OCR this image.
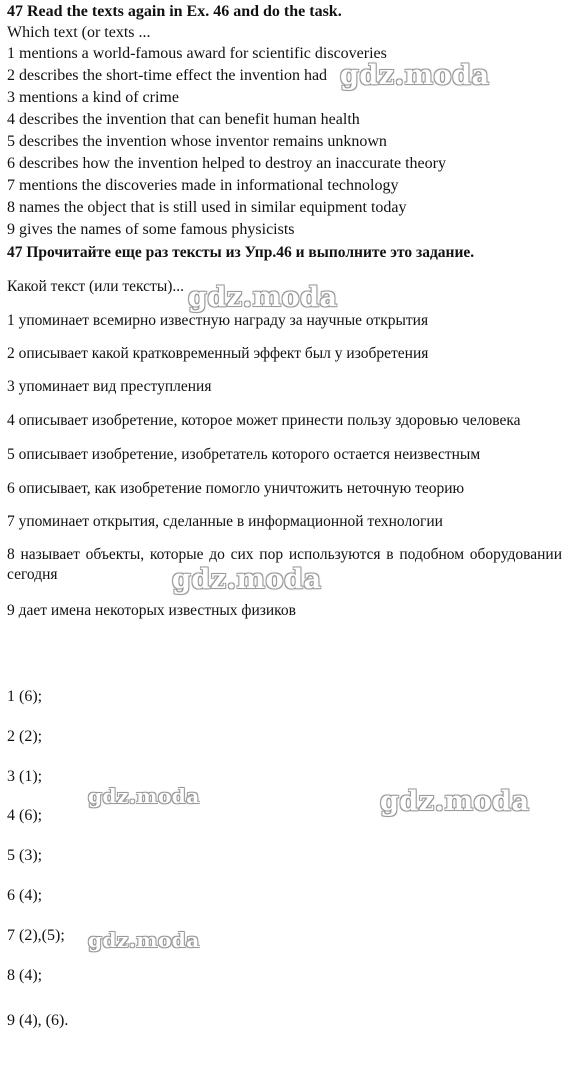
47 Read the texts again in Ex. 46 and do the task.
Which text (or texts ...
1 mentions a world-famous award for scientific discoveries
2 describes the short-time effect the invention had
3 mentions a kind of crime
4 describes the invention that can benefit human health
5 describes the invention whose inventor remains unknown
6 describes how the invention helped to destroy an inaccurate theory
7 mentions the discoveries made in informational technology
8 names the object that is still used in similar equipment today
9 gives the names of some famous physicists
47 Прочитайте еще раз тексты из Упр.46 и выполните это задание.
Какой текст (или тексты)...
1 упоминает всемирно известную награду за научные открытия
2 описывает какой кратковременный эффект был у изобретения
3 упоминает вид преступления
4 описывает изобретение, которое может принести пользу здоровью человека
5 описывает изобретение, изобретатель которого остается неизвестным
6 описывает, как изобретение помогло уничтожить неточную теорию
7 упоминает открытия, сделанные в информационной технологии
8 называет объекты, которые до сих пор используются в подобном оборудовании сегодня
9 дает имена некоторых известных физиков
1 (6);
2 (2);
3 (1);
4 (6);
5 (3);
6 (4);
7 (2),(5);
8 (4);
9 (4), (6).
gdz.moda
gdz.moda
gdz.moda
gdz.moda	gdz.moda
gdz.moda
